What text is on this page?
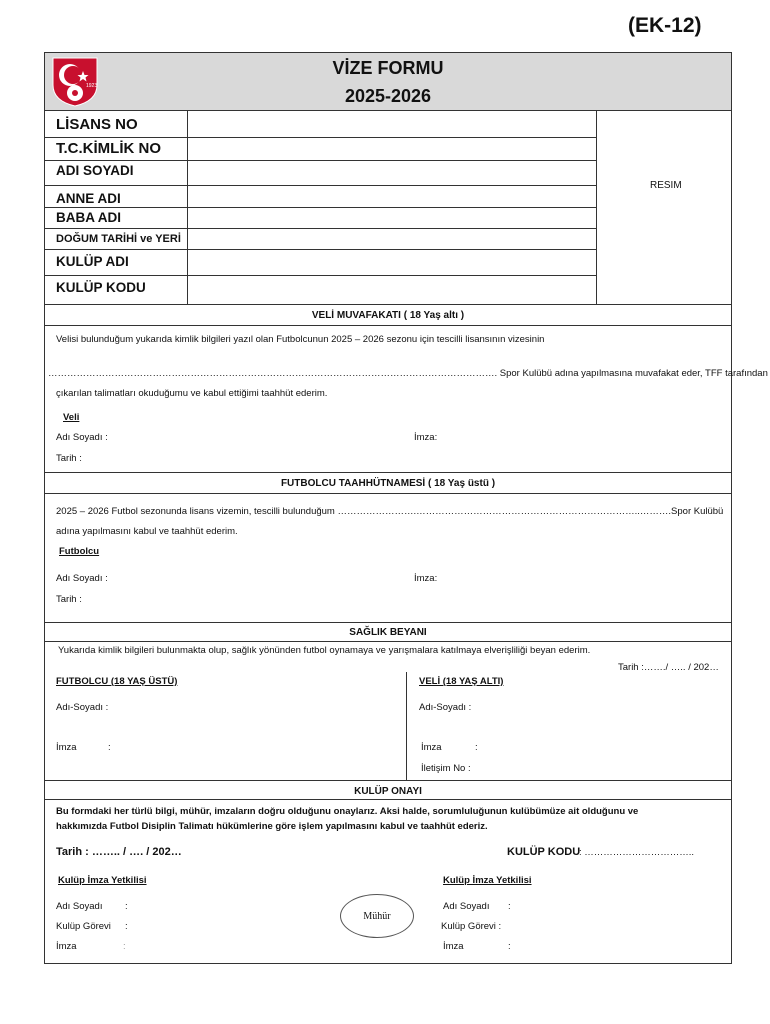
(EK-12)
1923
VİZE FORMU
2025-2026
LİSANS NO
T.C.KİMLİK NO
ADI SOYADI
ANNE ADI
BABA ADI
DOĞUM TARİHİ ve YERİ
KULÜP ADI
KULÜP KODU
RESIM
VELİ MUVAFAKATI ( 18 Yaş altı )
Velisi bulunduğum yukarıda kimlik bilgileri yazıl olan Futbolcunun 2025 – 2026 sezonu için tescilli lisansının vizesinin
……………………………………………………………………………………………………………………………. Spor Kulübü adına yapılmasına muvafakat eder, TFF tarafından
çıkarılan talimatları okuduğumu ve kabul ettiğimi taahhüt ederim.
Veli
Adı Soyadı :	İmza:
Tarih :
FUTBOLCU TAAHHÜTNAMESİ ( 18 Yaş üstü )
2025 – 2026 Futbol sezonunda lisans vizemin, tescilli bulunduğum …………………….……………………………………………………………..……….Spor Kulübü
adına yapılmasını kabul ve taahhüt ederim.
Futbolcu
Adı Soyadı :	İmza:
Tarih :
SAĞLIK BEYANI
Yukarıda kimlik bilgileri bulunmakta olup, sağlık yönünden futbol oynamaya ve yarışmalara katılmaya elverişliliği beyan ederim.
Tarih :……./ ….. / 202…
FUTBOLCU (18 YAŞ ÜSTÜ)	VELİ (18 YAŞ ALTI)
Adı-Soyadı :	Adı-Soyadı :
İmza	:	İmza	:
İletişim No :
KULÜP ONAYI
Bu formdaki her türlü bilgi, mühür, imzaların doğru olduğunu onaylarız. Aksi halde, sorumluluğunun kulübümüze ait olduğunu ve
hakkımızda Futbol Disiplin Talimatı hükümlerine göre işlem yapılmasını kabul ve taahhüt ederiz.
Tarih : …….. / …. / 202…	KULÜP KODU
: ……………………………..
Kulüp İmza Yetkilisi	Kulüp İmza Yetkilisi
Adı Soyadı :
Kulüp Görevi :
İmza	:
Mühür
Adı Soyadı :
Kulüp Görevi :
İmza	:
